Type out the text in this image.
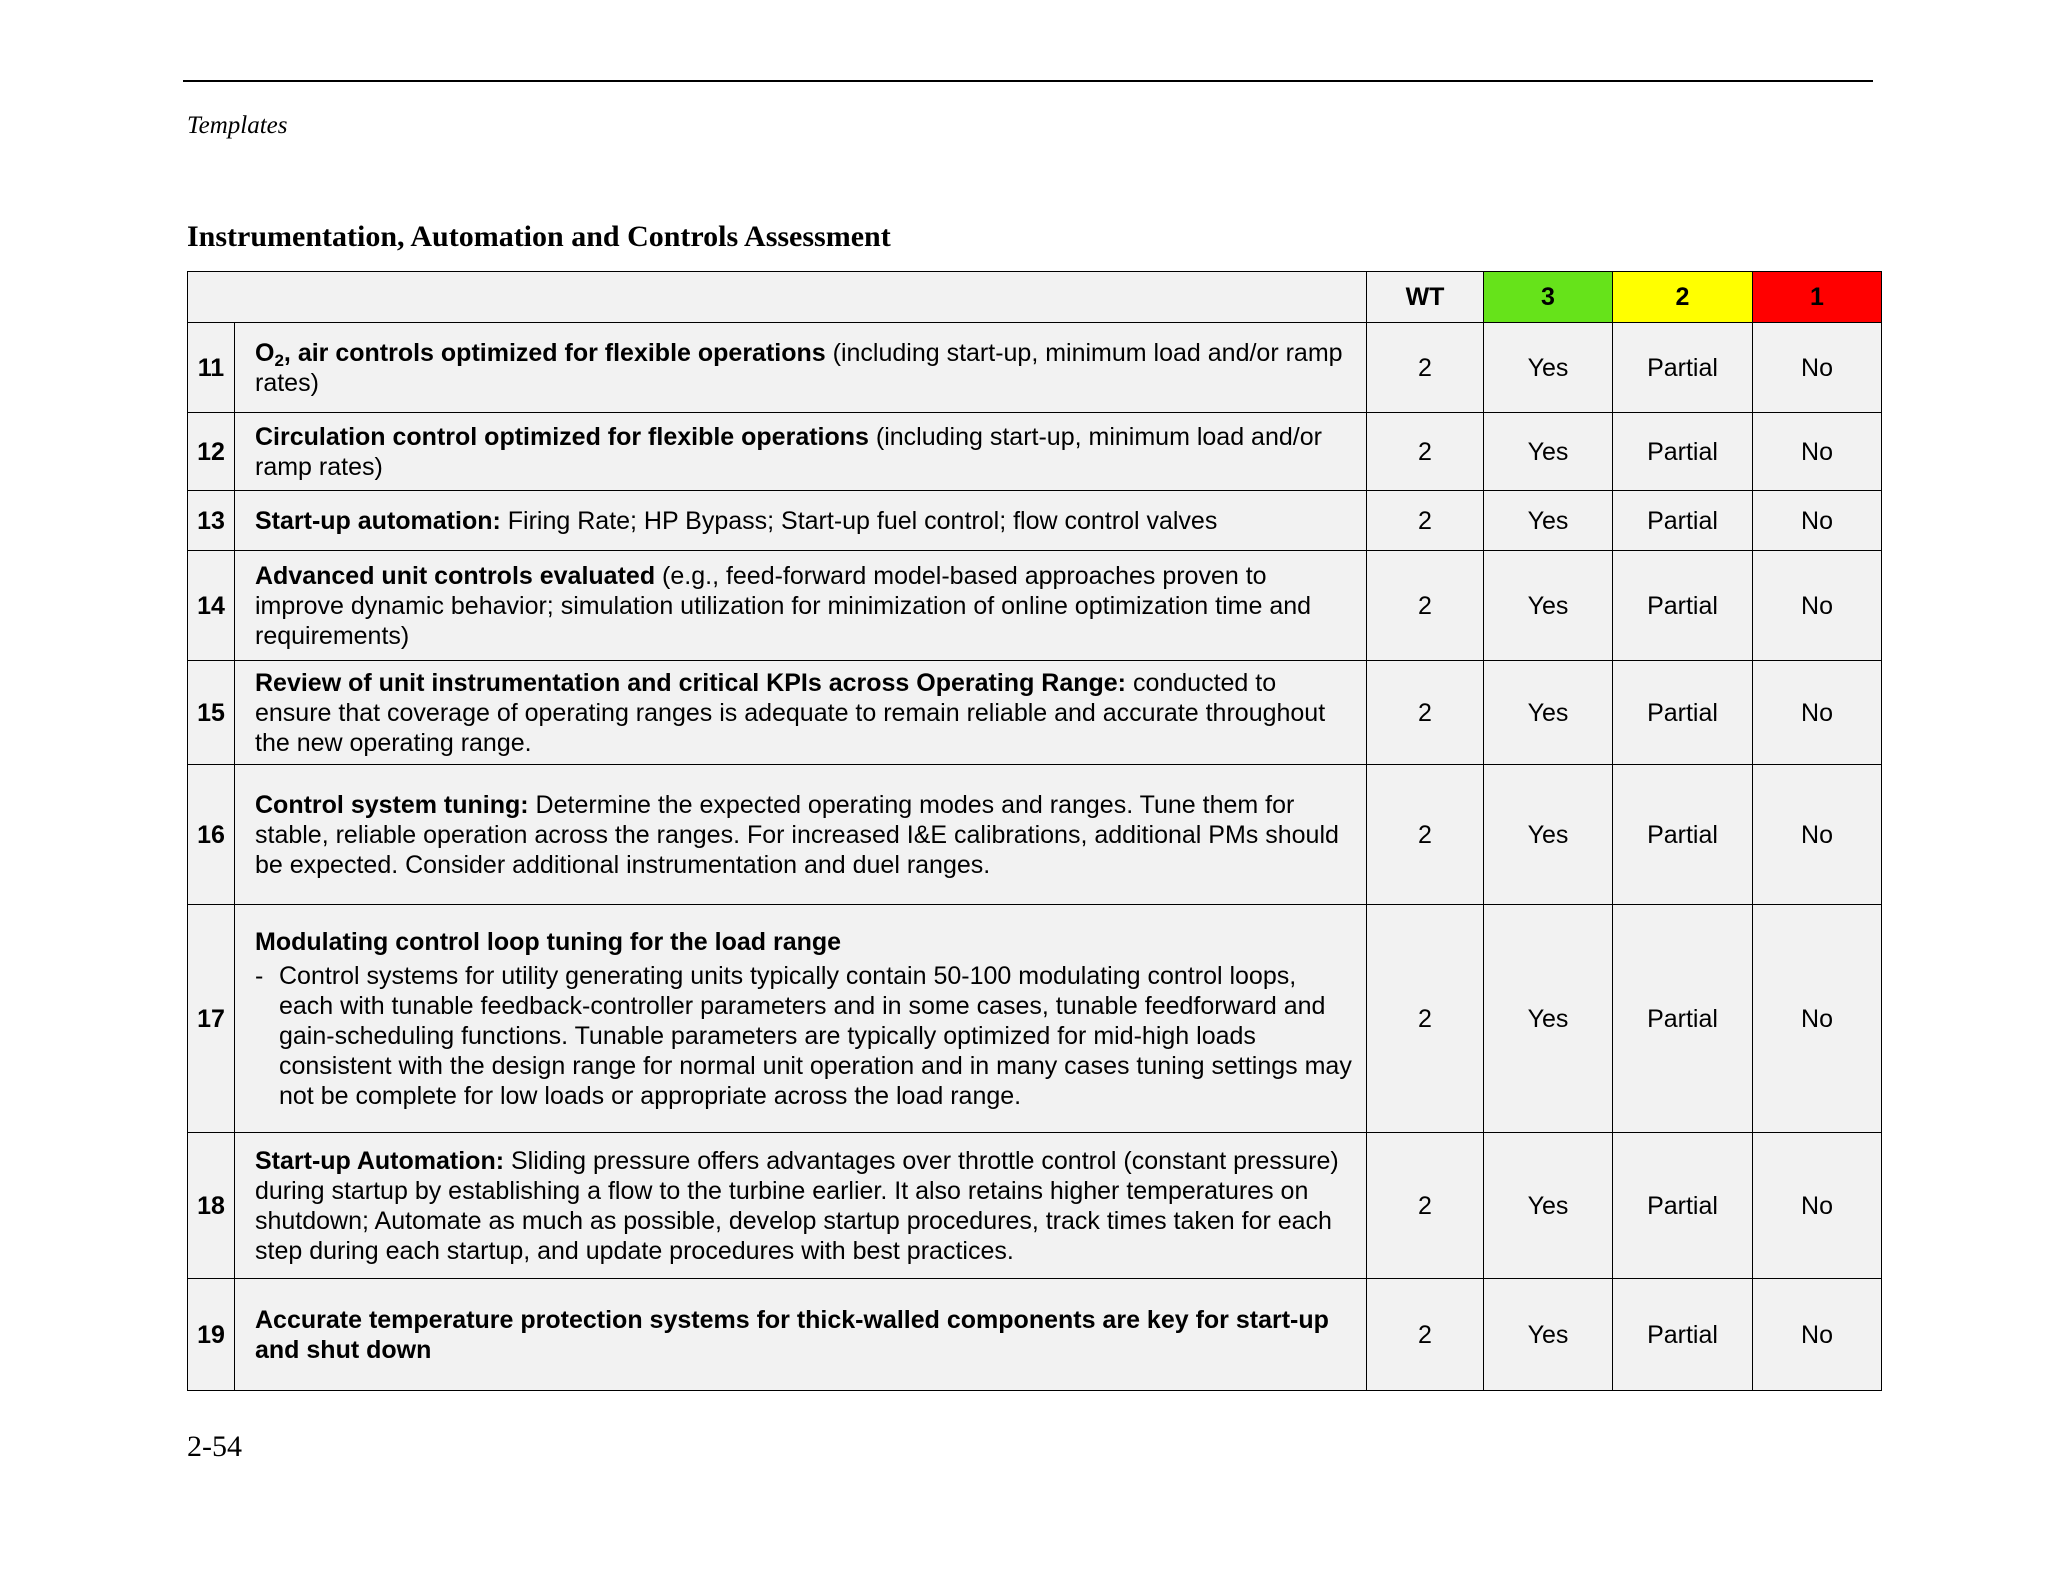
Templates
Instrumentation, Automation and Controls Assessment
		WT	3	2	1
11	$O_2$, air controls optimized for flexible operations (including start-up, minimum load and/or ramp rates)	2	Yes	Partial	No
12	Circulation control optimized for flexible operations (including start-up, minimum load and/or ramp rates)	2	Yes	Partial	No
13	Start-up automation: Firing Rate; HP Bypass; Start-up fuel control; flow control valves	2	Yes	Partial	No
14	Advanced unit controls evaluated (e.g., feed-forward model-based approaches proven to improve dynamic behavior; simulation utilization for minimization of online optimization time and requirements)	2	Yes	Partial	No
15	Review of unit instrumentation and critical KPIs across Operating Range: conducted to ensure that coverage of operating ranges is adequate to remain reliable and accurate throughout the new operating range.	2	Yes	Partial	No
16	Control system tuning: Determine the expected operating modes and ranges. Tune them for stable, reliable operation across the ranges. For increased I&E calibrations, additional PMs should be expected. Consider additional instrumentation and duel ranges.	2	Yes	Partial	No
17	Modulating control loop tuning for the load range
- Control systems for utility generating units typically contain 50-100 modulating control loops, each with tunable feedback-controller parameters and in some cases, tunable feedforward and gain-scheduling functions. Tunable parameters are typically optimized for mid-high loads consistent with the design range for normal unit operation and in many cases tuning settings may not be complete for low loads or appropriate across the load range.	2	Yes	Partial	No
18	Start-up Automation: Sliding pressure offers advantages over throttle control (constant pressure) during startup by establishing a flow to the turbine earlier. It also retains higher temperatures on shutdown; Automate as much as possible, develop startup procedures, track times taken for each step during each startup, and update procedures with best practices.	2	Yes	Partial	No
19	Accurate temperature protection systems for thick-walled components are key for start-up and shut down	2	Yes	Partial	No
2-54
